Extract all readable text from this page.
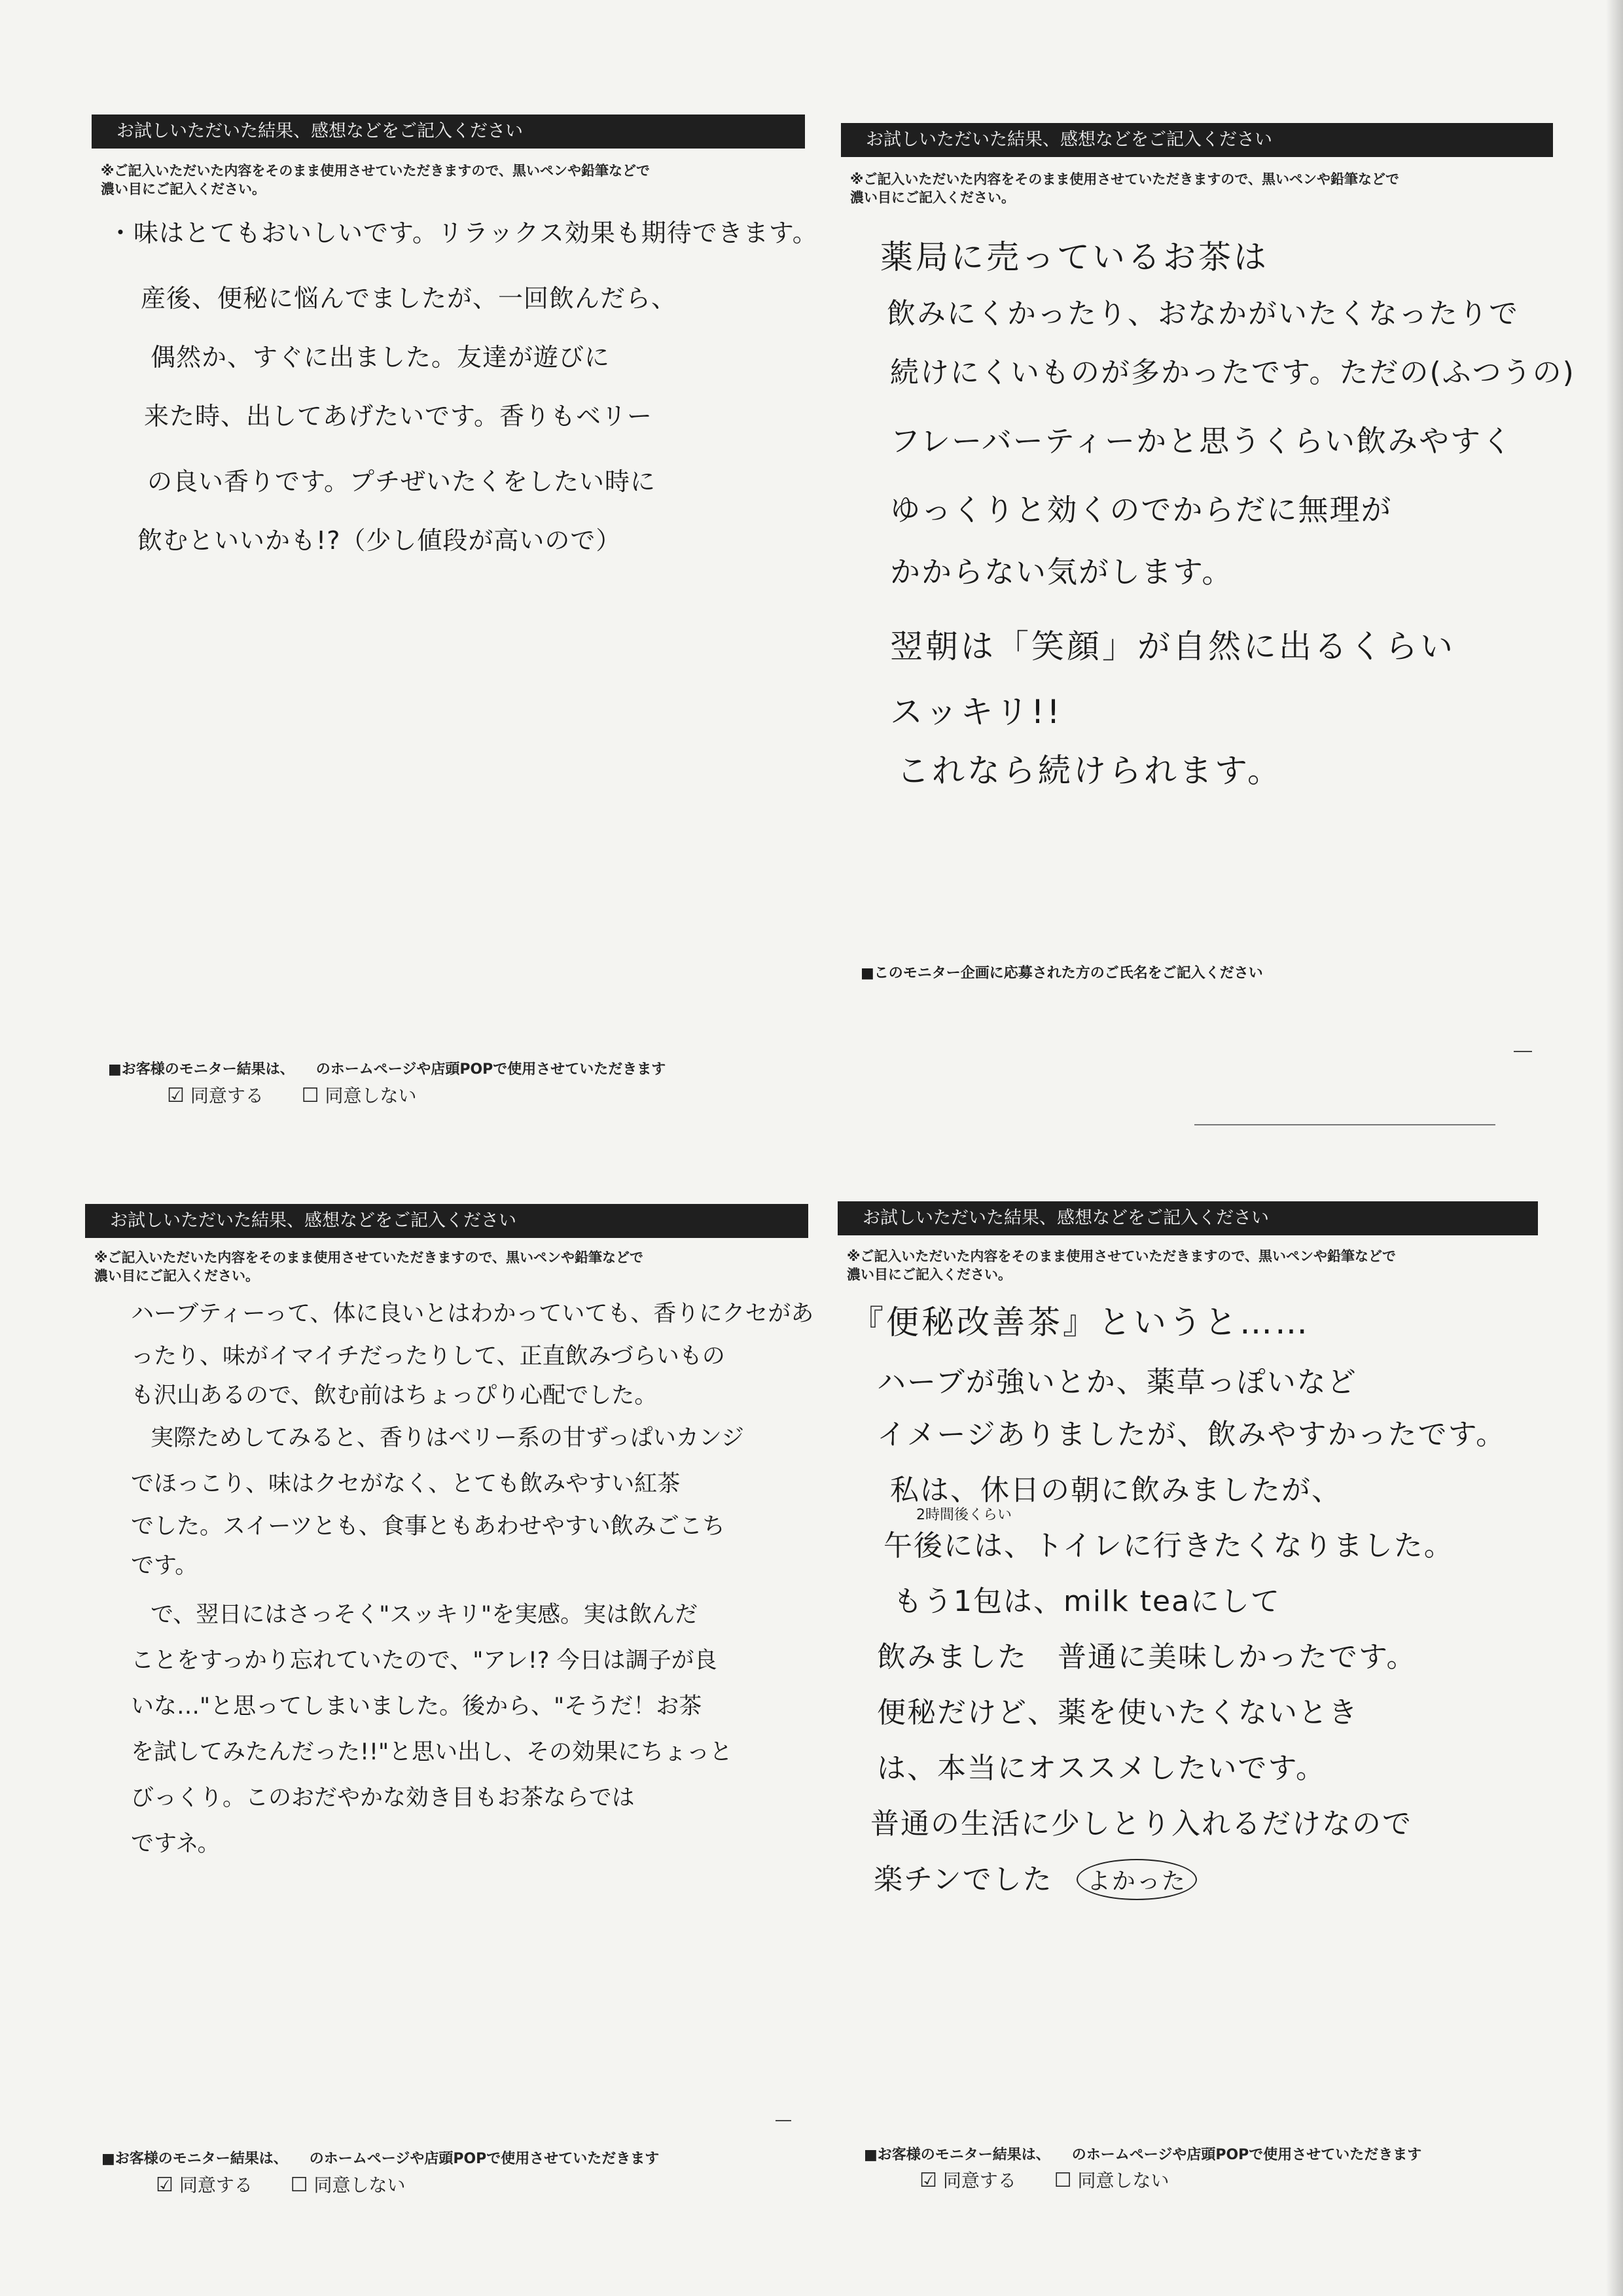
お試しいただいた結果、感想などをご記入ください
※ご記入いただいた内容をそのまま使用させていただきますので、黒いペンや鉛筆などで
濃い目にご記入ください。
・味はとてもおいしいです。リラックス効果も期待できます。
産後、便秘に悩んでましたが、一回飲んだら、
偶然か、すぐに出ました。友達が遊びに
来た時、出してあげたいです。香りもベリー
の良い香りです。プチぜいたくをしたい時に
飲むといいかも!?（少し値段が高いので）
■お客様のモニター結果は、　　のホームページや店頭POPで使用させていただきます
☑ 同意する ☐ 同意しない
お試しいただいた結果、感想などをご記入ください
※ご記入いただいた内容をそのまま使用させていただきますので、黒いペンや鉛筆などで
濃い目にご記入ください。
薬局に売っているお茶は
飲みにくかったり、おなかがいたくなったりで
続けにくいものが多かったです。ただの(ふつうの)
フレーバーティーかと思うくらい飲みやすく
ゆっくりと効くのでからだに無理が
かからない気がします。
翌朝は「笑顔」が自然に出るくらい
スッキリ!!
これなら続けられます。
■このモニター企画に応募された方のご氏名をご記入ください
お試しいただいた結果、感想などをご記入ください
※ご記入いただいた内容をそのまま使用させていただきますので、黒いペンや鉛筆などで
濃い目にご記入ください。
ハーブティーって、体に良いとはわかっていても、香りにクセがあ
ったり、味がイマイチだったりして、正直飲みづらいもの
も沢山あるので、飲む前はちょっぴり心配でした。
実際ためしてみると、香りはベリー系の甘ずっぱいカンジ
でほっこり、味はクセがなく、とても飲みやすい紅茶
でした。スイーツとも、食事ともあわせやすい飲みごこち
です。
で、翌日にはさっそく"スッキリ"を実感。実は飲んだ
ことをすっかり忘れていたので、"アレ!? 今日は調子が良
いな…"と思ってしまいました。後から、"そうだ！お茶
を試してみたんだった!!"と思い出し、その効果にちょっと
びっくり。このおだやかな効き目もお茶ならでは
ですネ。
■お客様のモニター結果は、　　のホームページや店頭POPで使用させていただきます
☑ 同意する ☐ 同意しない
お試しいただいた結果、感想などをご記入ください
※ご記入いただいた内容をそのまま使用させていただきますので、黒いペンや鉛筆などで
濃い目にご記入ください。
『便秘改善茶』というと……
ハーブが強いとか、薬草っぽいなど
イメージありましたが、飲みやすかったです。
私は、休日の朝に飲みましたが、
2時間後くらい
午後には、トイレに行きたくなりました。
もう1包は、milk teaにして
飲みました　普通に美味しかったです。
便秘だけど、薬を使いたくないとき
は、本当にオススメしたいです。
普通の生活に少しとり入れるだけなので
楽チンでした よかった
■お客様のモニター結果は、　　のホームページや店頭POPで使用させていただきます
☑ 同意する ☐ 同意しない
